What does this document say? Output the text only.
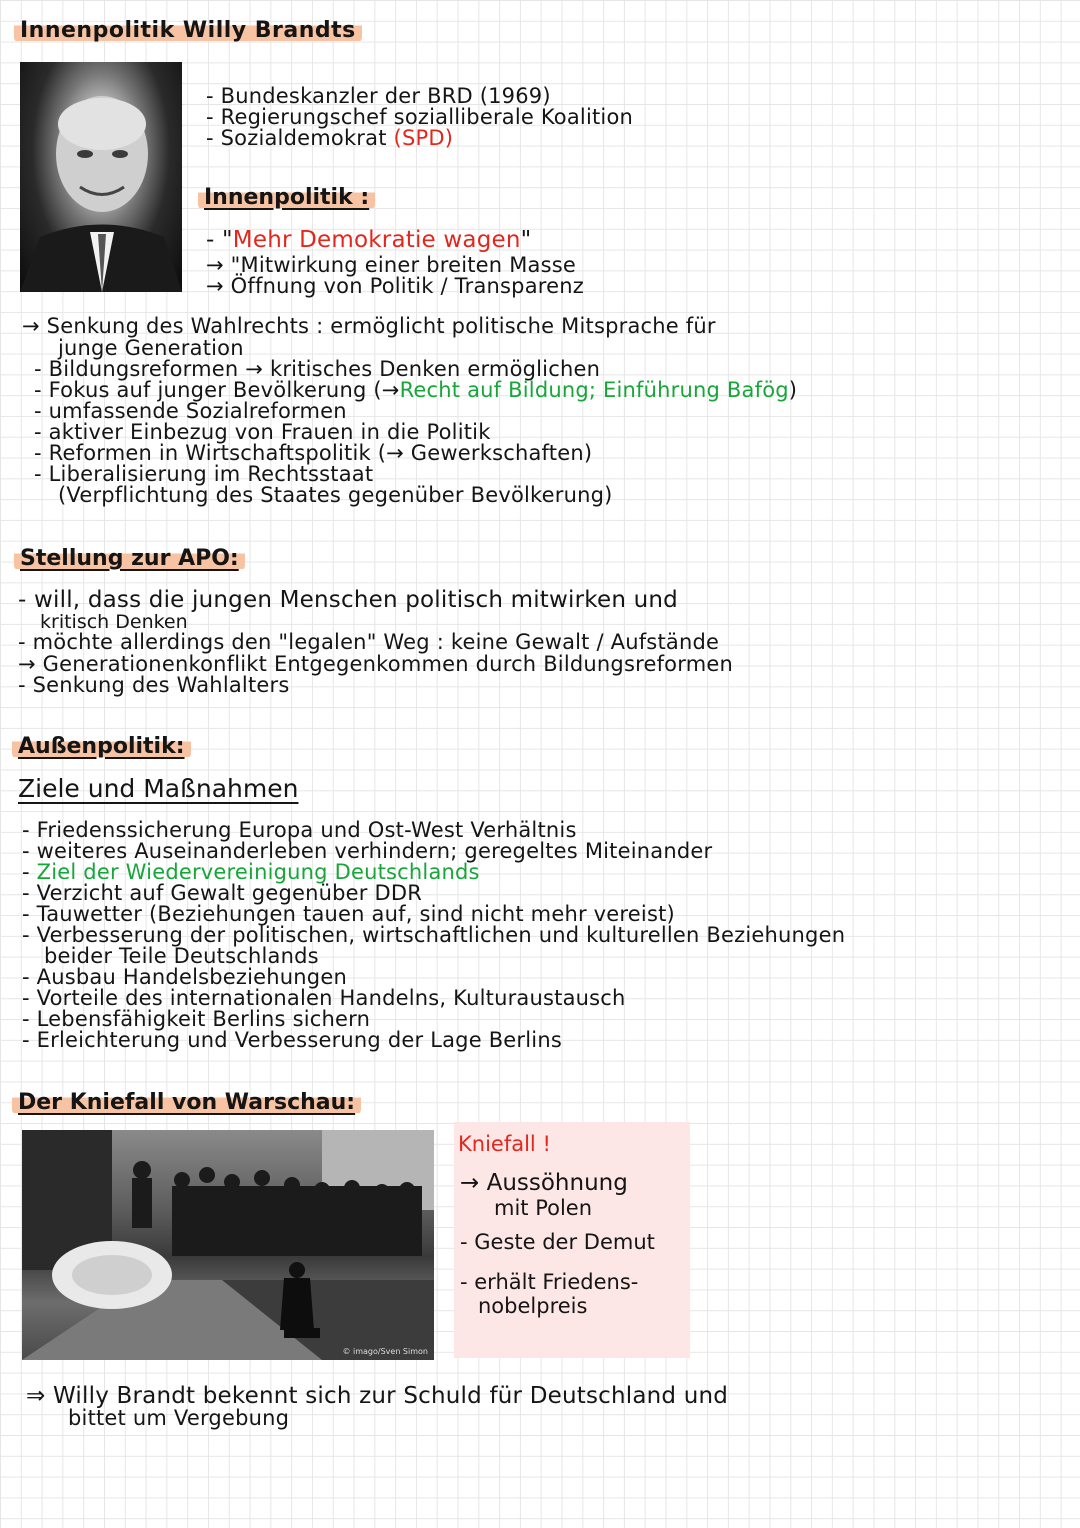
Innenpolitik Willy Brandts
- Bundeskanzler der BRD (1969)
- Regierungschef sozialliberale Koalition
- Sozialdemokrat (SPD)
Innenpolitik :
- "Mehr Demokratie wagen"
→ "Mitwirkung einer breiten Masse
→ Öffnung von Politik / Transparenz
→ Senkung des Wahlrechts : ermöglicht politische Mitsprache für
junge Generation
- Bildungsreformen → kritisches Denken ermöglichen
- Fokus auf junger Bevölkerung (→Recht auf Bildung; Einführung Bafög)
- umfassende Sozialreformen
- aktiver Einbezug von Frauen in die Politik
- Reformen in Wirtschaftspolitik (→ Gewerkschaften)
- Liberalisierung im Rechtsstaat
(Verpflichtung des Staates gegenüber Bevölkerung)
Stellung zur APO:
- will, dass die jungen Menschen politisch mitwirken und
kritisch Denken
- möchte allerdings den "legalen" Weg : keine Gewalt / Aufstände
→ Generationenkonflikt Entgegenkommen durch Bildungsreformen
- Senkung des Wahlalters
Außenpolitik:
Ziele und Maßnahmen
- Friedenssicherung Europa und Ost-West Verhältnis
- weiteres Auseinanderleben verhindern; geregeltes Miteinander
- Ziel der Wiedervereinigung Deutschlands
- Verzicht auf Gewalt gegenüber DDR
- Tauwetter (Beziehungen tauen auf, sind nicht mehr vereist)
- Verbesserung der politischen, wirtschaftlichen und kulturellen Beziehungen
beider Teile Deutschlands
- Ausbau Handelsbeziehungen
- Vorteile des internationalen Handelns, Kulturaustausch
- Lebensfähigkeit Berlins sichern
- Erleichterung und Verbesserung der Lage Berlins
Der Kniefall von Warschau:
© imago/Sven Simon
Kniefall !
→ Aussöhnung
mit Polen
- Geste der Demut
- erhält Friedens-
nobelpreis
⇒ Willy Brandt bekennt sich zur Schuld für Deutschland und
bittet um Vergebung
